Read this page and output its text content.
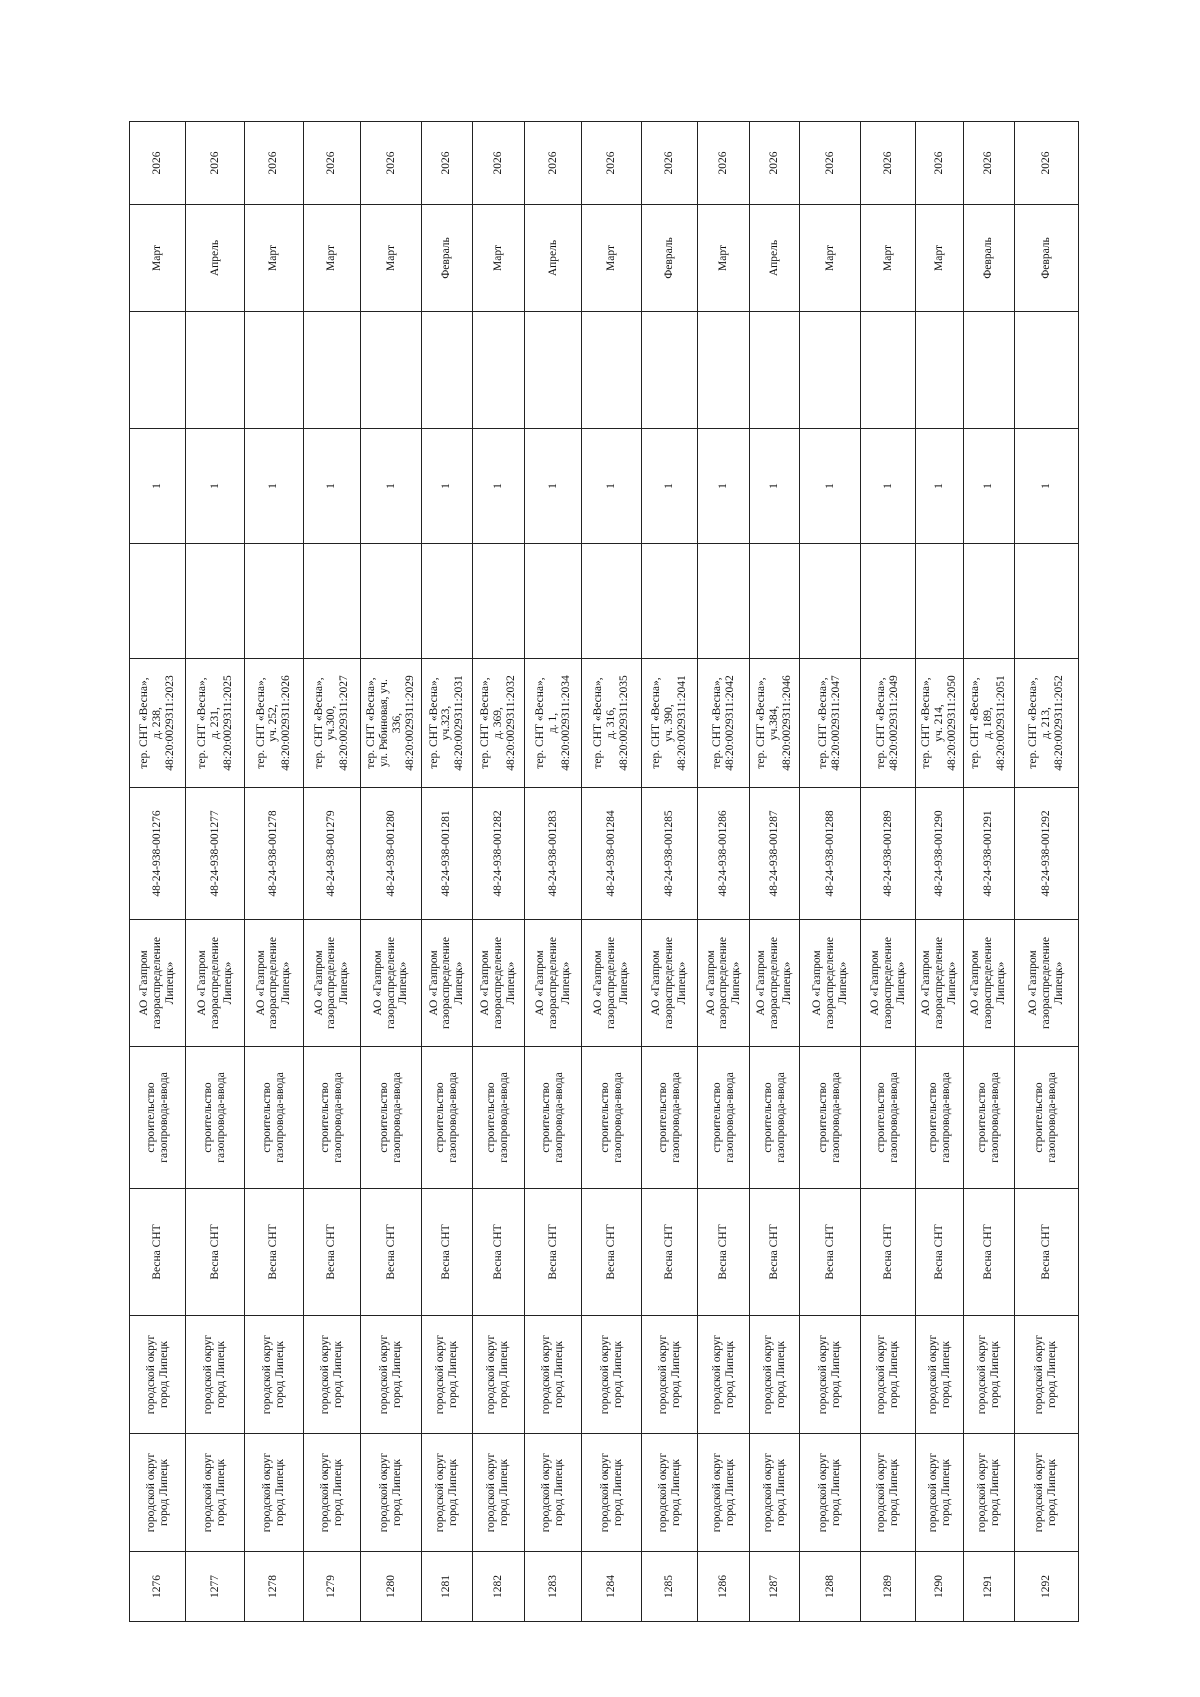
1276	городской округ
город Липецк	городской округ
город Липецк	Весна СНТ	строительство
газопровода-ввода	АО «Газпром
газораспределение
Липецк»	48-24-938-001276	тер. СНТ «Весна»,
д. 238,
48:20:0029311:2023		1		Март	2026
1277	городской округ
город Липецк	городской округ
город Липецк	Весна СНТ	строительство
газопровода-ввода	АО «Газпром
газораспределение
Липецк»	48-24-938-001277	тер. СНТ «Весна»,
д. 231,
48:20:0029311:2025		1		Апрель	2026
1278	городской округ
город Липецк	городской округ
город Липецк	Весна СНТ	строительство
газопровода-ввода	АО «Газпром
газораспределение
Липецк»	48-24-938-001278	тер. СНТ «Весна»,
уч. 252,
48:20:0029311:2026		1		Март	2026
1279	городской округ
город Липецк	городской округ
город Липецк	Весна СНТ	строительство
газопровода-ввода	АО «Газпром
газораспределение
Липецк»	48-24-938-001279	тер. СНТ «Весна»,
уч.300,
48:20:0029311:2027		1		Март	2026
1280	городской округ
город Липецк	городской округ
город Липецк	Весна СНТ	строительство
газопровода-ввода	АО «Газпром
газораспределение
Липецк»	48-24-938-001280	тер. СНТ «Весна»,
ул. Рябиновая, уч.
336,
48:20:0029311:2029		1		Март	2026
1281	городской округ
город Липецк	городской округ
город Липецк	Весна СНТ	строительство
газопровода-ввода	АО «Газпром
газораспределение
Липецк»	48-24-938-001281	тер. СНТ «Весна»,
уч.323,
48:20:0029311:2031		1		Февраль	2026
1282	городской округ
город Липецк	городской округ
город Липецк	Весна СНТ	строительство
газопровода-ввода	АО «Газпром
газораспределение
Липецк»	48-24-938-001282	тер. СНТ «Весна»,
д. 369,
48:20:0029311:2032		1		Март	2026
1283	городской округ
город Липецк	городской округ
город Липецк	Весна СНТ	строительство
газопровода-ввода	АО «Газпром
газораспределение
Липецк»	48-24-938-001283	тер. СНТ «Весна»,
д. 1,
48:20:0029311:2034		1		Апрель	2026
1284	городской округ
город Липецк	городской округ
город Липецк	Весна СНТ	строительство
газопровода-ввода	АО «Газпром
газораспределение
Липецк»	48-24-938-001284	тер. СНТ «Весна»,
д. 316,
48:20:0029311:2035		1		Март	2026
1285	городской округ
город Липецк	городской округ
город Липецк	Весна СНТ	строительство
газопровода-ввода	АО «Газпром
газораспределение
Липецк»	48-24-938-001285	тер. СНТ «Весна»,
уч. 390,
48:20:0029311:2041		1		Февраль	2026
1286	городской округ
город Липецк	городской округ
город Липецк	Весна СНТ	строительство
газопровода-ввода	АО «Газпром
газораспределение
Липецк»	48-24-938-001286	тер. СНТ «Весна»,
48:20:0029311:2042		1		Март	2026
1287	городской округ
город Липецк	городской округ
город Липецк	Весна СНТ	строительство
газопровода-ввода	АО «Газпром
газораспределение
Липецк»	48-24-938-001287	тер. СНТ «Весна»,
уч.384,
48:20:0029311:2046		1		Апрель	2026
1288	городской округ
город Липецк	городской округ
город Липецк	Весна СНТ	строительство
газопровода-ввода	АО «Газпром
газораспределение
Липецк»	48-24-938-001288	тер. СНТ «Весна»,
48:20:0029311:2047		1		Март	2026
1289	городской округ
город Липецк	городской округ
город Липецк	Весна СНТ	строительство
газопровода-ввода	АО «Газпром
газораспределение
Липецк»	48-24-938-001289	тер. СНТ «Весна»,
48:20:0029311:2049		1		Март	2026
1290	городской округ
город Липецк	городской округ
город Липецк	Весна СНТ	строительство
газопровода-ввода	АО «Газпром
газораспределение
Липецк»	48-24-938-001290	тер. СНТ «Весна»,
уч. 214,
48:20:0029311:2050		1		Март	2026
1291	городской округ
город Липецк	городской округ
город Липецк	Весна СНТ	строительство
газопровода-ввода	АО «Газпром
газораспределение
Липецк»	48-24-938-001291	тер. СНТ «Весна»,
д. 189,
48:20:0029311:2051		1		Февраль	2026
1292	городской округ
город Липецк	городской округ
город Липецк	Весна СНТ	строительство
газопровода-ввода	АО «Газпром
газораспределение
Липецк»	48-24-938-001292	тер. СНТ «Весна»,
д. 213,
48:20:0029311:2052		1		Февраль	2026
